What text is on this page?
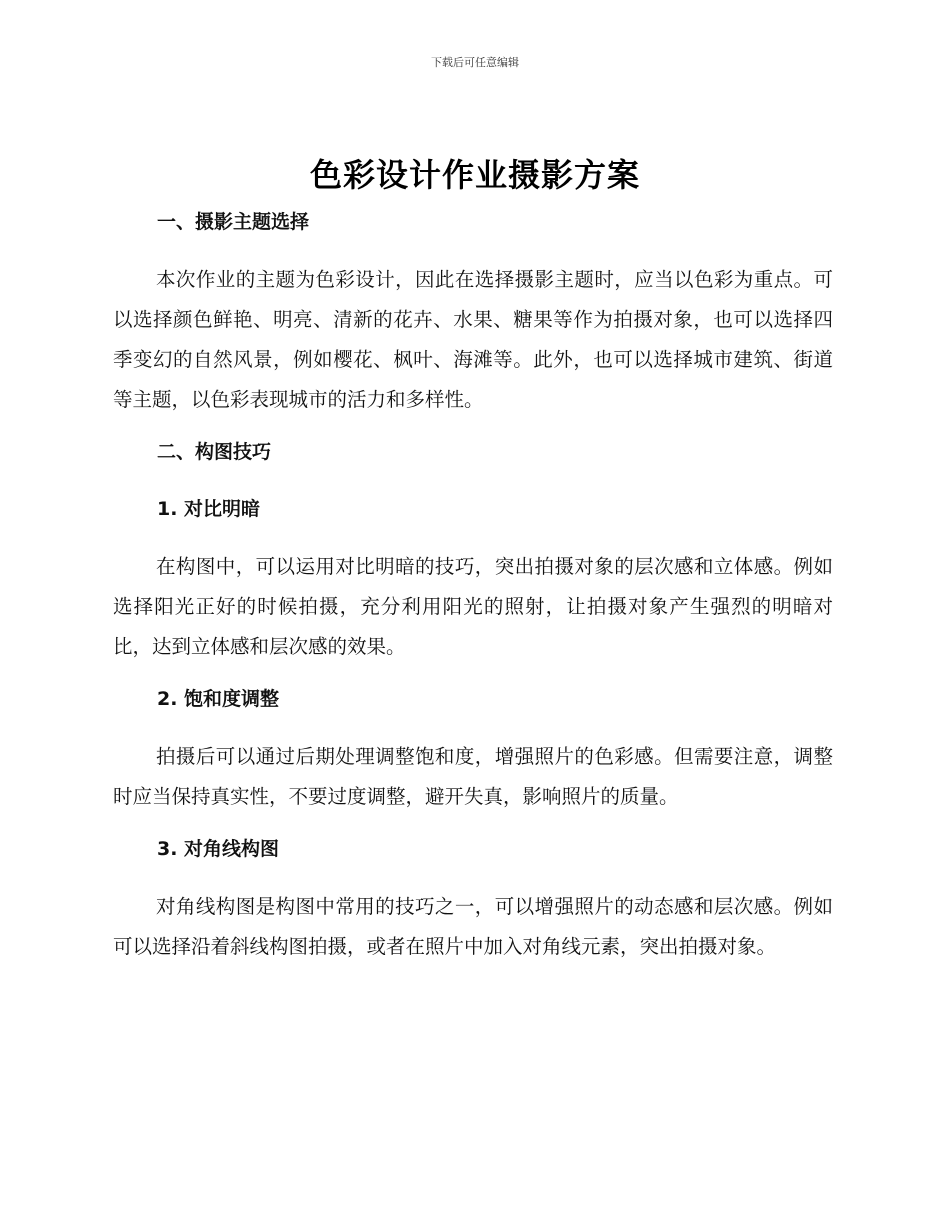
下载后可任意编辑
色彩设计作业摄影方案
一、摄影主题选择

本次作业的主题为色彩设计，因此在选择摄影主题时，应当以色彩为重点。可以选择颜色鲜艳、明亮、清新的花卉、水果、糖果等作为拍摄对象，也可以选择四季变幻的自然风景，例如樱花、枫叶、海滩等。此外，也可以选择城市建筑、街道等主题，以色彩表现城市的活力和多样性。

二、构图技巧
1. 对比明暗

在构图中，可以运用对比明暗的技巧，突出拍摄对象的层次感和立体感。例如选择阳光正好的时候拍摄，充分利用阳光的照射，让拍摄对象产生强烈的明暗对比，达到立体感和层次感的效果。

2. 饱和度调整

拍摄后可以通过后期处理调整饱和度，增强照片的色彩感。但需要注意，调整时应当保持真实性，不要过度调整，避开失真，影响照片的质量。

3. 对角线构图

对角线构图是构图中常用的技巧之一，可以增强照片的动态感和层次感。例如可以选择沿着斜线构图拍摄，或者在照片中加入对角线元素，突出拍摄对象。
